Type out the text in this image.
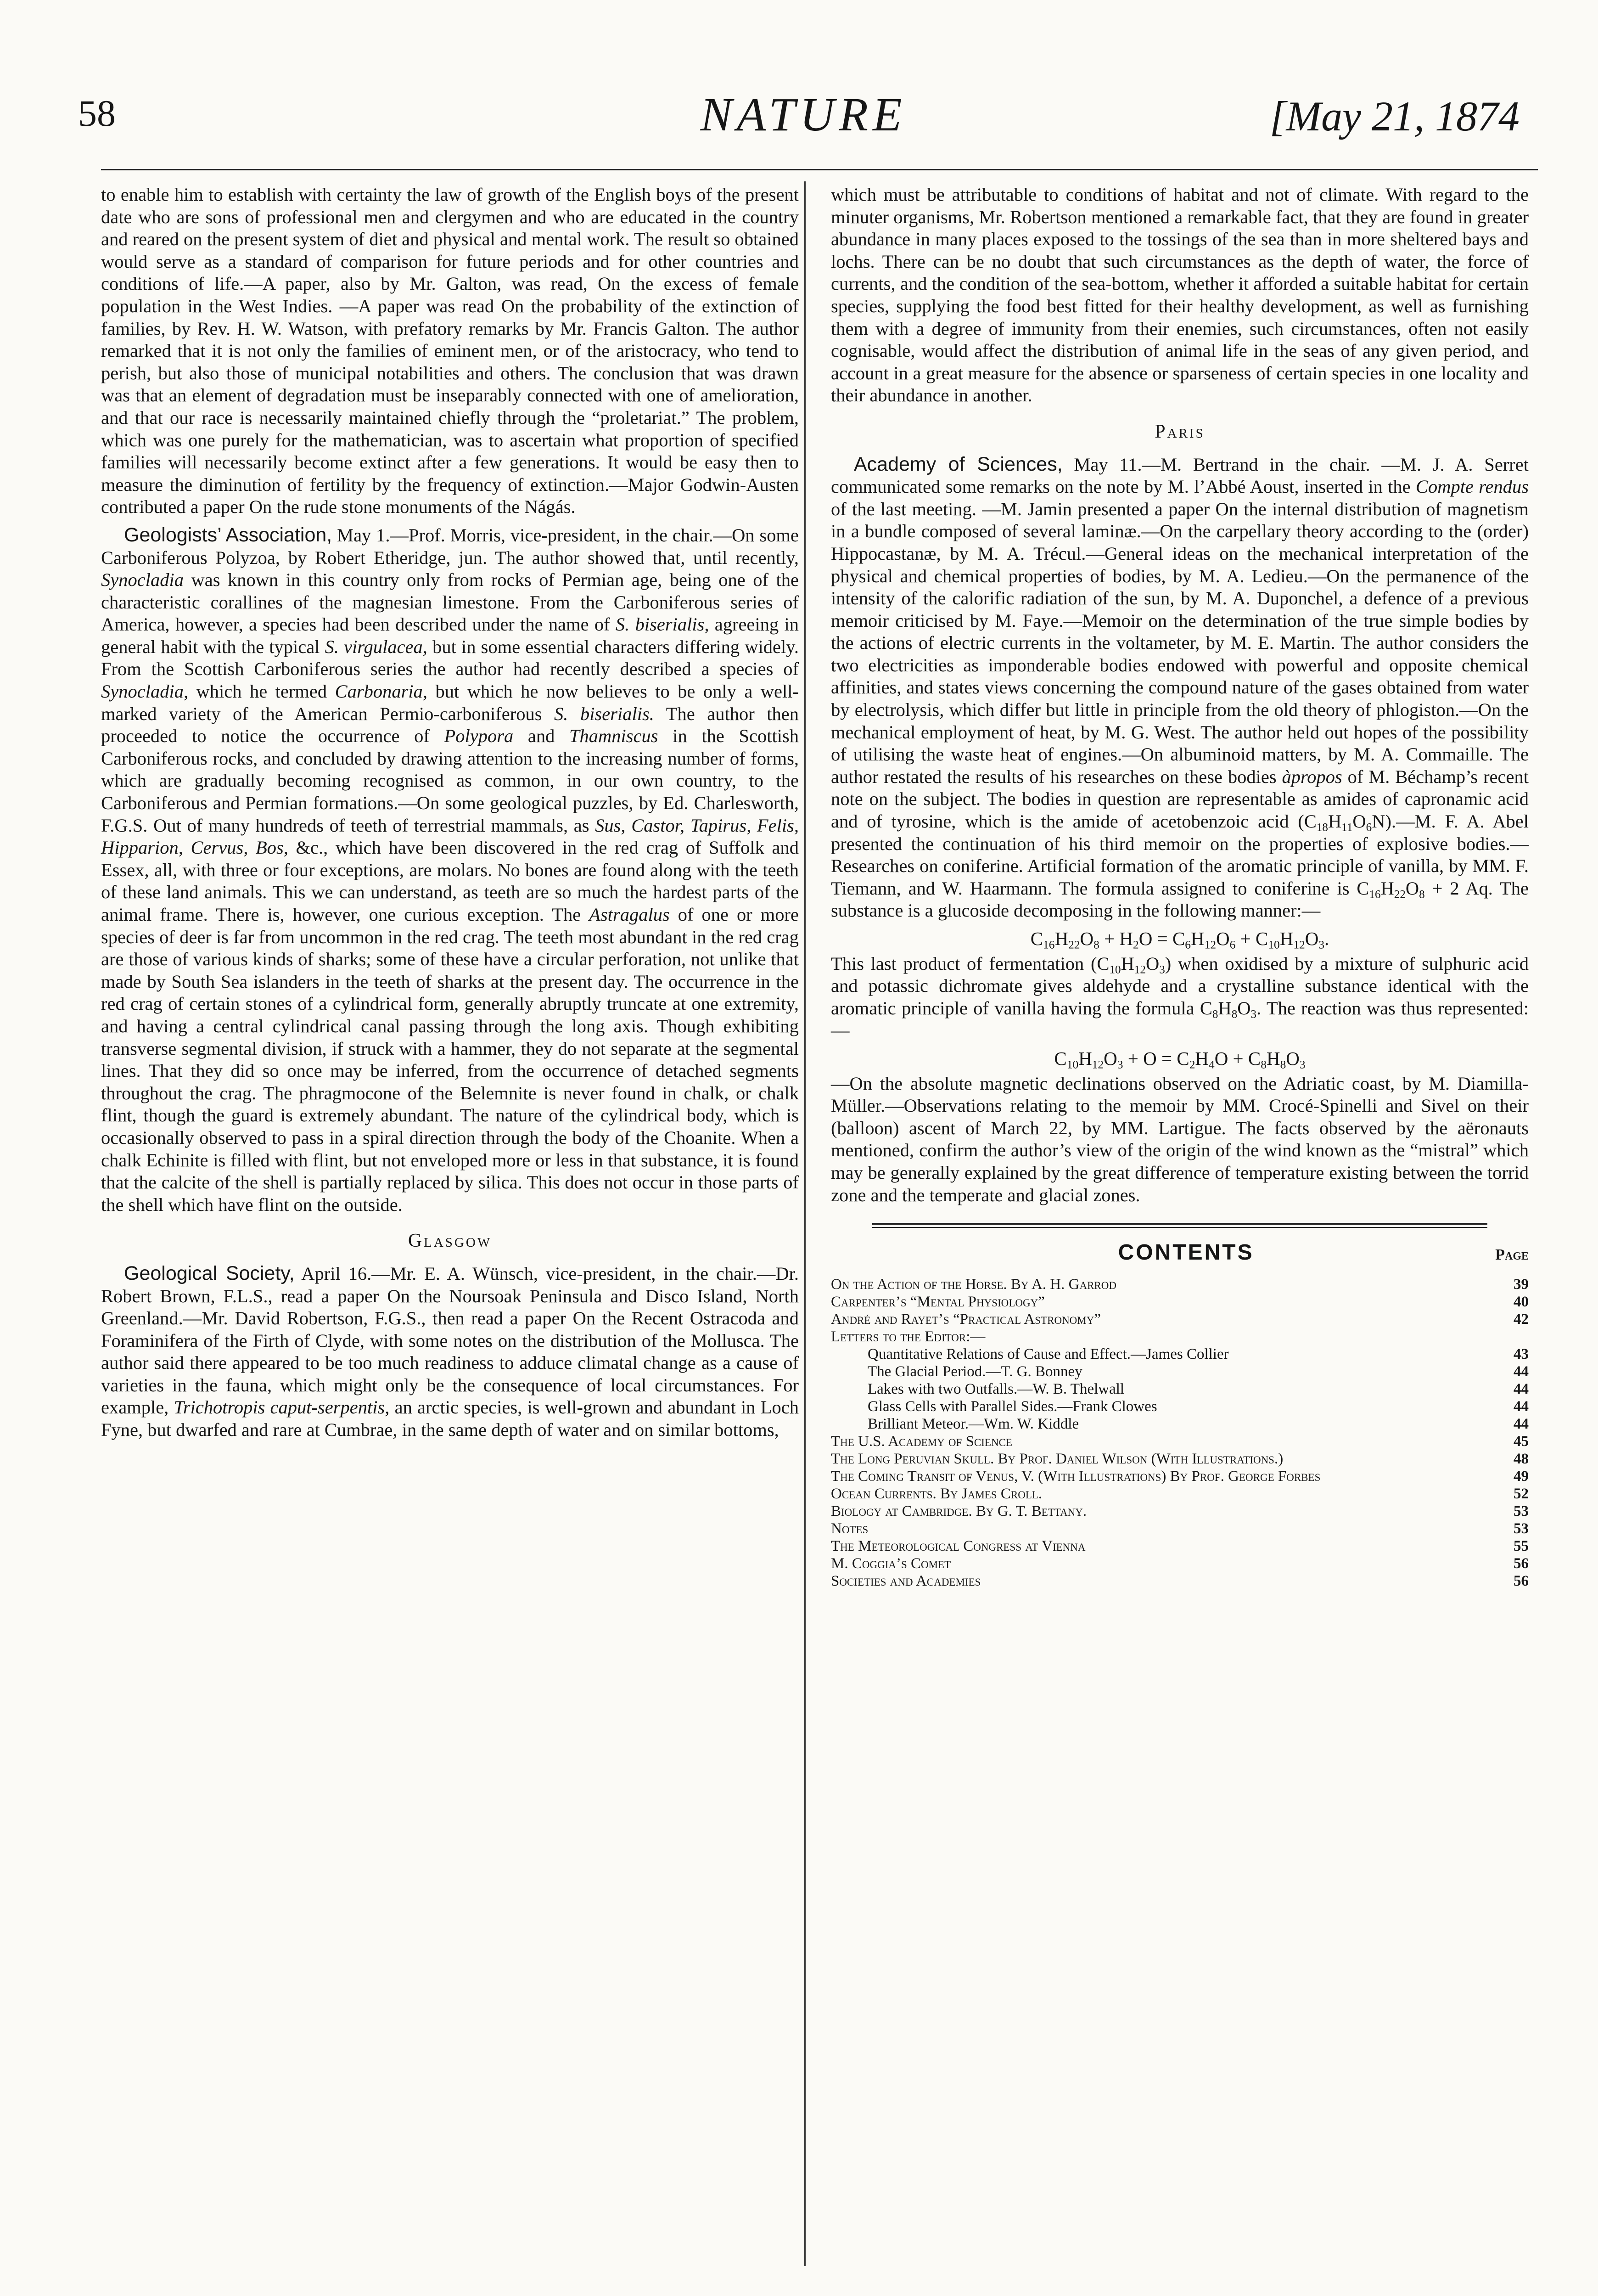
58	NATURE	[May 21, 1874

to enable him to establish with certainty the law of growth of the English boys of the present date who are sons of professional men and clergymen and who are educated in the country and reared on the present system of diet and physical and mental work. The result so obtained would serve as a standard of comparison for future periods and for other countries and conditions of life.—A paper, also by Mr. Galton, was read, On the excess of female population in the West Indies. —A paper was read On the probability of the extinction of families, by Rev. H. W. Watson, with prefatory remarks by Mr. Francis Galton. The author remarked that it is not only the families of eminent men, or of the aristocracy, who tend to perish, but also those of municipal notabilities and others. The conclusion that was drawn was that an element of degradation must be inseparably connected with one of amelioration, and that our race is necessarily maintained chiefly through the “proletariat.” The problem, which was one purely for the mathematician, was to ascertain what proportion of specified families will necessarily become extinct after a few generations. It would be easy then to measure the diminution of fertility by the frequency of extinction.—Major Godwin-Austen contributed a paper On the rude stone monuments of the Nágás.

Geologists’ Association, May 1.—Prof. Morris, vice-president, in the chair.—On some Carboniferous Polyzoa, by Robert Etheridge, jun. The author showed that, until recently, Synocladia was known in this country only from rocks of Permian age, being one of the characteristic corallines of the magnesian limestone. From the Carboniferous series of America, however, a species had been described under the name of S. biserialis, agreeing in general habit with the typical S. virgulacea, but in some essential characters differing widely. From the Scottish Carboniferous series the author had recently described a species of Synocladia, which he termed Carbonaria, but which he now believes to be only a well-marked variety of the American Permio-carboniferous S. biserialis. The author then proceeded to notice the occurrence of Polypora and Thamniscus in the Scottish Carboniferous rocks, and concluded by drawing attention to the increasing number of forms, which are gradually becoming recognised as common, in our own country, to the Carboniferous and Permian formations.—On some geological puzzles, by Ed. Charlesworth, F.G.S. Out of many hundreds of teeth of terrestrial mammals, as Sus, Castor, Tapirus, Felis, Hipparion, Cervus, Bos, &c., which have been discovered in the red crag of Suffolk and Essex, all, with three or four exceptions, are molars. No bones are found along with the teeth of these land animals. This we can understand, as teeth are so much the hardest parts of the animal frame. There is, however, one curious exception. The Astragalus of one or more species of deer is far from uncommon in the red crag. The teeth most abundant in the red crag are those of various kinds of sharks; some of these have a circular perforation, not unlike that made by South Sea islanders in the teeth of sharks at the present day. The occurrence in the red crag of certain stones of a cylindrical form, generally abruptly truncate at one extremity, and having a central cylindrical canal passing through the long axis. Though exhibiting transverse segmental division, if struck with a hammer, they do not separate at the segmental lines. That they did so once may be inferred, from the occurrence of detached segments throughout the crag. The phragmocone of the Belemnite is never found in chalk, or chalk flint, though the guard is extremely abundant. The nature of the cylindrical body, which is occasionally observed to pass in a spiral direction through the body of the Choanite. When a chalk Echinite is filled with flint, but not enveloped more or less in that substance, it is found that the calcite of the shell is partially replaced by silica. This does not occur in those parts of the shell which have flint on the outside.

Glasgow

Geological Society, April 16.—Mr. E. A. Wünsch, vice-president, in the chair.—Dr. Robert Brown, F.L.S., read a paper On the Noursoak Peninsula and Disco Island, North Greenland.—Mr. David Robertson, F.G.S., then read a paper On the Recent Ostracoda and Foraminifera of the Firth of Clyde, with some notes on the distribution of the Mollusca. The author said there appeared to be too much readiness to adduce climatal change as a cause of varieties in the fauna, which might only be the consequence of local circumstances. For example, Trichotropis caput-serpentis, an arctic species, is well-grown and abundant in Loch Fyne, but dwarfed and rare at Cumbrae, in the same depth of water and on similar bottoms,

which must be attributable to conditions of habitat and not of climate. With regard to the minuter organisms, Mr. Robertson mentioned a remarkable fact, that they are found in greater abundance in many places exposed to the tossings of the sea than in more sheltered bays and lochs. There can be no doubt that such circumstances as the depth of water, the force of currents, and the condition of the sea-bottom, whether it afforded a suitable habitat for certain species, supplying the food best fitted for their healthy development, as well as furnishing them with a degree of immunity from their enemies, such circumstances, often not easily cognisable, would affect the distribution of animal life in the seas of any given period, and account in a great measure for the absence or sparseness of certain species in one locality and their abundance in another.

Paris

Academy of Sciences, May 11.—M. Bertrand in the chair. —M. J. A. Serret communicated some remarks on the note by M. l’Abbé Aoust, inserted in the Compte rendus of the last meeting. —M. Jamin presented a paper On the internal distribution of magnetism in a bundle composed of several laminæ.—On the carpellary theory according to the (order) Hippocastanæ, by M. A. Trécul.—General ideas on the mechanical interpretation of the physical and chemical properties of bodies, by M. A. Ledieu.—On the permanence of the intensity of the calorific radiation of the sun, by M. A. Duponchel, a defence of a previous memoir criticised by M. Faye.—Memoir on the determination of the true simple bodies by the actions of electric currents in the voltameter, by M. E. Martin. The author considers the two electricities as imponderable bodies endowed with powerful and opposite chemical affinities, and states views concerning the compound nature of the gases obtained from water by electrolysis, which differ but little in principle from the old theory of phlogiston.—On the mechanical employment of heat, by M. G. West. The author held out hopes of the possibility of utilising the waste heat of engines.—On albuminoid matters, by M. A. Commaille. The author restated the results of his researches on these bodies àpropos of M. Béchamp’s recent note on the subject. The bodies in question are representable as amides of capronamic acid and of tyrosine, which is the amide of acetobenzoic acid $(C_{18}H_{11}O_6N).—M$. F. A. Abel presented the continuation of his third memoir on the properties of explosive bodies.—Researches on coniferine. Artificial formation of the aromatic principle of vanilla, by MM. F. Tiemann, and W. Haarmann. The formula assigned to coniferine is $C_{16}H_{22}O_8 + 2$ Aq. The substance is a glucoside decomposing in the following manner:—

$C_{16}H_{22}O_8 + H_2O = C_6H_{12}O_6 + C_{10}H_{12}O_3$.

This last product of fermentation $(C_{10}H_{12}O_3)$ when oxidised by a mixture of sulphuric acid and potassic dichromate gives aldehyde and a crystalline substance identical with the aromatic principle of vanilla having the formula $C_8H_8O_3$. The reaction was thus represented:—

$C_{10}H_{12}O_3 + O = C_2H_4O + C_8H_8O_3$

—On the absolute magnetic declinations observed on the Adriatic coast, by M. Diamilla-Müller.—Observations relating to the memoir by MM. Crocé-Spinelli and Sivel on their (balloon) ascent of March 22, by MM. Lartigue. The facts observed by the aëronauts mentioned, confirm the author’s view of the origin of the wind known as the “mistral” which may be generally explained by the great difference of temperature existing between the torrid zone and the temperate and glacial zones.

CONTENTS	Page
On the Action of the Horse. By A. H. Garrod	39
Carpenter’s “Mental Physiology”	40
André and Rayet’s “Practical Astronomy”	42
Letters to the Editor:—
Quantitative Relations of Cause and Effect.—James Collier	43
The Glacial Period.—T. G. Bonney	44
Lakes with two Outfalls.—W. B. Thelwall	44
Glass Cells with Parallel Sides.—Frank Clowes	44
Brilliant Meteor.—Wm. W. Kiddle	44
The U.S. Academy of Science	45
The Long Peruvian Skull. By Prof. Daniel Wilson (With Illustrations.)	48
The Coming Transit of Venus, V. (With Illustrations) By Prof. George Forbes	49
Ocean Currents. By James Croll.	52
Biology at Cambridge. By G. T. Bettany.	53
Notes	53
The Meteorological Congress at Vienna	55
M. Coggia’s Comet	56
Societies and Academies	56
